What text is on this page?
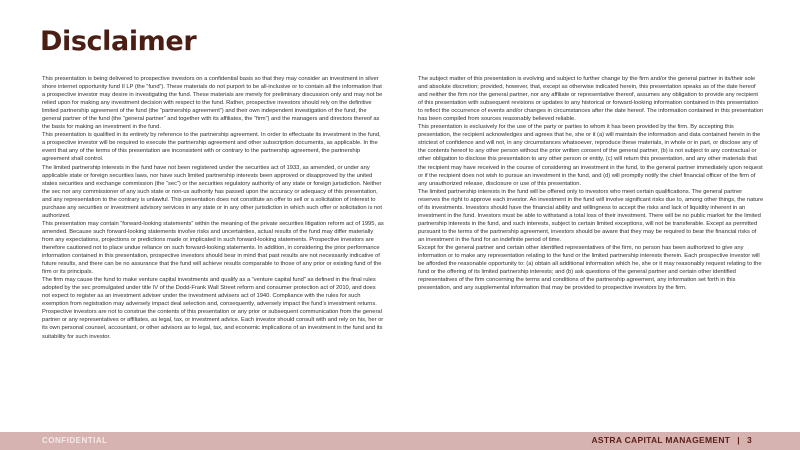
Disclaimer

This presentation is being delivered to prospective investors on a confidential basis so that they may consider an investment in silver shore internet opportunity fund II LP (the “fund”). These materials do not purport to be all-inclusive or to contain all the information that a prospective investor may desire in investigating the fund. These materials are merely for preliminary discussion only and may not be relied upon for making any investment decision with respect to the fund. Rather, prospective investors should rely on the definitive limited partnership agreement of the fund (the “partnership agreement”) and their own independent investigation of the fund, the general partner of the fund (the “general partner” and together with its affiliates, the “firm”) and the managers and directors thereof as the basis for making an investment in the fund.

This presentation is qualified in its entirety by reference to the partnership agreement. In order to effectuate its investment in the fund, a prospective investor will be required to execute the partnership agreement and other subscription documents, as applicable. In the event that any of the terms of this presentation are inconsistent with or contrary to the partnership agreement, the partnership agreement shall control.

The limited partnership interests in the fund have not been registered under the securities act of 1933, as amended, or under any applicable state or foreign securities laws, nor have such limited partnership interests been approved or disapproved by the united states securities and exchange commission (the “sec”) or the securities regulatory authority of any state or foreign jurisdiction. Neither the sec nor any commissioner of any such state or non-us authority has passed upon the accuracy or adequacy of this presentation, and any representation to the contrary is unlawful. This presentation does not constitute an offer to sell or a solicitation of interest to purchase any securities or investment advisory services in any state or in any other jurisdiction in which such offer or solicitation is not authorized.

This presentation may contain “forward-looking statements” within the meaning of the private securities litigation reform act of 1995, as amended. Because such forward-looking statements involve risks and uncertainties, actual results of the fund may differ materially from any expectations, projections or predictions made or implicated in such forward-looking statements. Prospective investors are therefore cautioned not to place undue reliance on such forward-looking statements. In addition, in considering the prior performance information contained in this presentation, prospective investors should bear in mind that past results are not necessarily indicative of future results, and there can be no assurance that the fund will achieve results comparable to those of any prior or existing fund of the firm or its principals.

The firm may cause the fund to make venture capital investments and qualify as a “venture capital fund” as defined in the final rules adopted by the sec promulgated under title IV of the Dodd-Frank Wall Street reform and consumer protection act of 2010, and does not expect to register as an investment adviser under the investment advisers act of 1940. Compliance with the rules for such exemption from registration may adversely impact deal selection and, consequently, adversely impact the fund’s investment returns.

Prospective investors are not to construe the contents of this presentation or any prior or subsequent communication from the general partner or any representatives or affiliates, as legal, tax, or investment advice. Each investor should consult with and rely on his, her or its own personal counsel, accountant, or other advisors as to legal, tax, and economic implications of an investment in the fund and its suitability for such investor.

The subject matter of this presentation is evolving and subject to further change by the firm and/or the general partner in its/their sole and absolute discretion; provided, however, that, except as otherwise indicated herein, this presentation speaks as of the date hereof and neither the firm nor the general partner, nor any affiliate or representative thereof, assumes any obligation to provide any recipient of this presentation with subsequent revisions or updates to any historical or forward-looking information contained in this presentation to reflect the occurrence of events and/or changes in circumstances after the date hereof. The information contained in this presentation has been compiled from sources reasonably believed reliable.

This presentation is exclusively for the use of the party or parties to whom it has been provided by the firm. By accepting this presentation, the recipient acknowledges and agrees that he, she or it (a) will maintain the information and data contained herein in the strictest of confidence and will not, in any circumstances whatsoever, reproduce these materials, in whole or in part, or disclose any of the contents hereof to any other person without the prior written consent of the general partner, (b) is not subject to any contractual or other obligation to disclose this presentation to any other person or entity, (c) will return this presentation, and any other materials that the recipient may have received in the course of considering an investment in the fund, to the general partner immediately upon request or if the recipient does not wish to pursue an investment in the fund, and (d) will promptly notify the chief financial officer of the firm of any unauthorized release, disclosure or use of this presentation.

The limited partnership interests in the fund will be offered only to investors who meet certain qualifications. The general partner reserves the right to approve each investor. An investment in the fund will involve significant risks due to, among other things, the nature of its investments. Investors should have the financial ability and willingness to accept the risks and lack of liquidity inherent in an investment in the fund. Investors must be able to withstand a total loss of their investment. There will be no public market for the limited partnership interests in the fund, and such interests, subject to certain limited exceptions, will not be transferable. Except as permitted pursuant to the terms of the partnership agreement, investors should be aware that they may be required to bear the financial risks of an investment in the fund for an indefinite period of time.

Except for the general partner and certain other identified representatives of the firm, no person has been authorized to give any information or to make any representation relating to the fund or the limited partnership interests therein. Each prospective investor will be afforded the reasonable opportunity to: (a) obtain all additional information which he, she or it may reasonably request relating to the fund or the offering of its limited partnership interests; and (b) ask questions of the general partner and certain other identified representatives of the firm concerning the terms and conditions of the partnership agreement, any information set forth in this presentation, and any supplemental information that may be provided to prospective investors by the firm.

CONFIDENTIAL	ASTRA CAPITAL MANAGEMENT | 3
